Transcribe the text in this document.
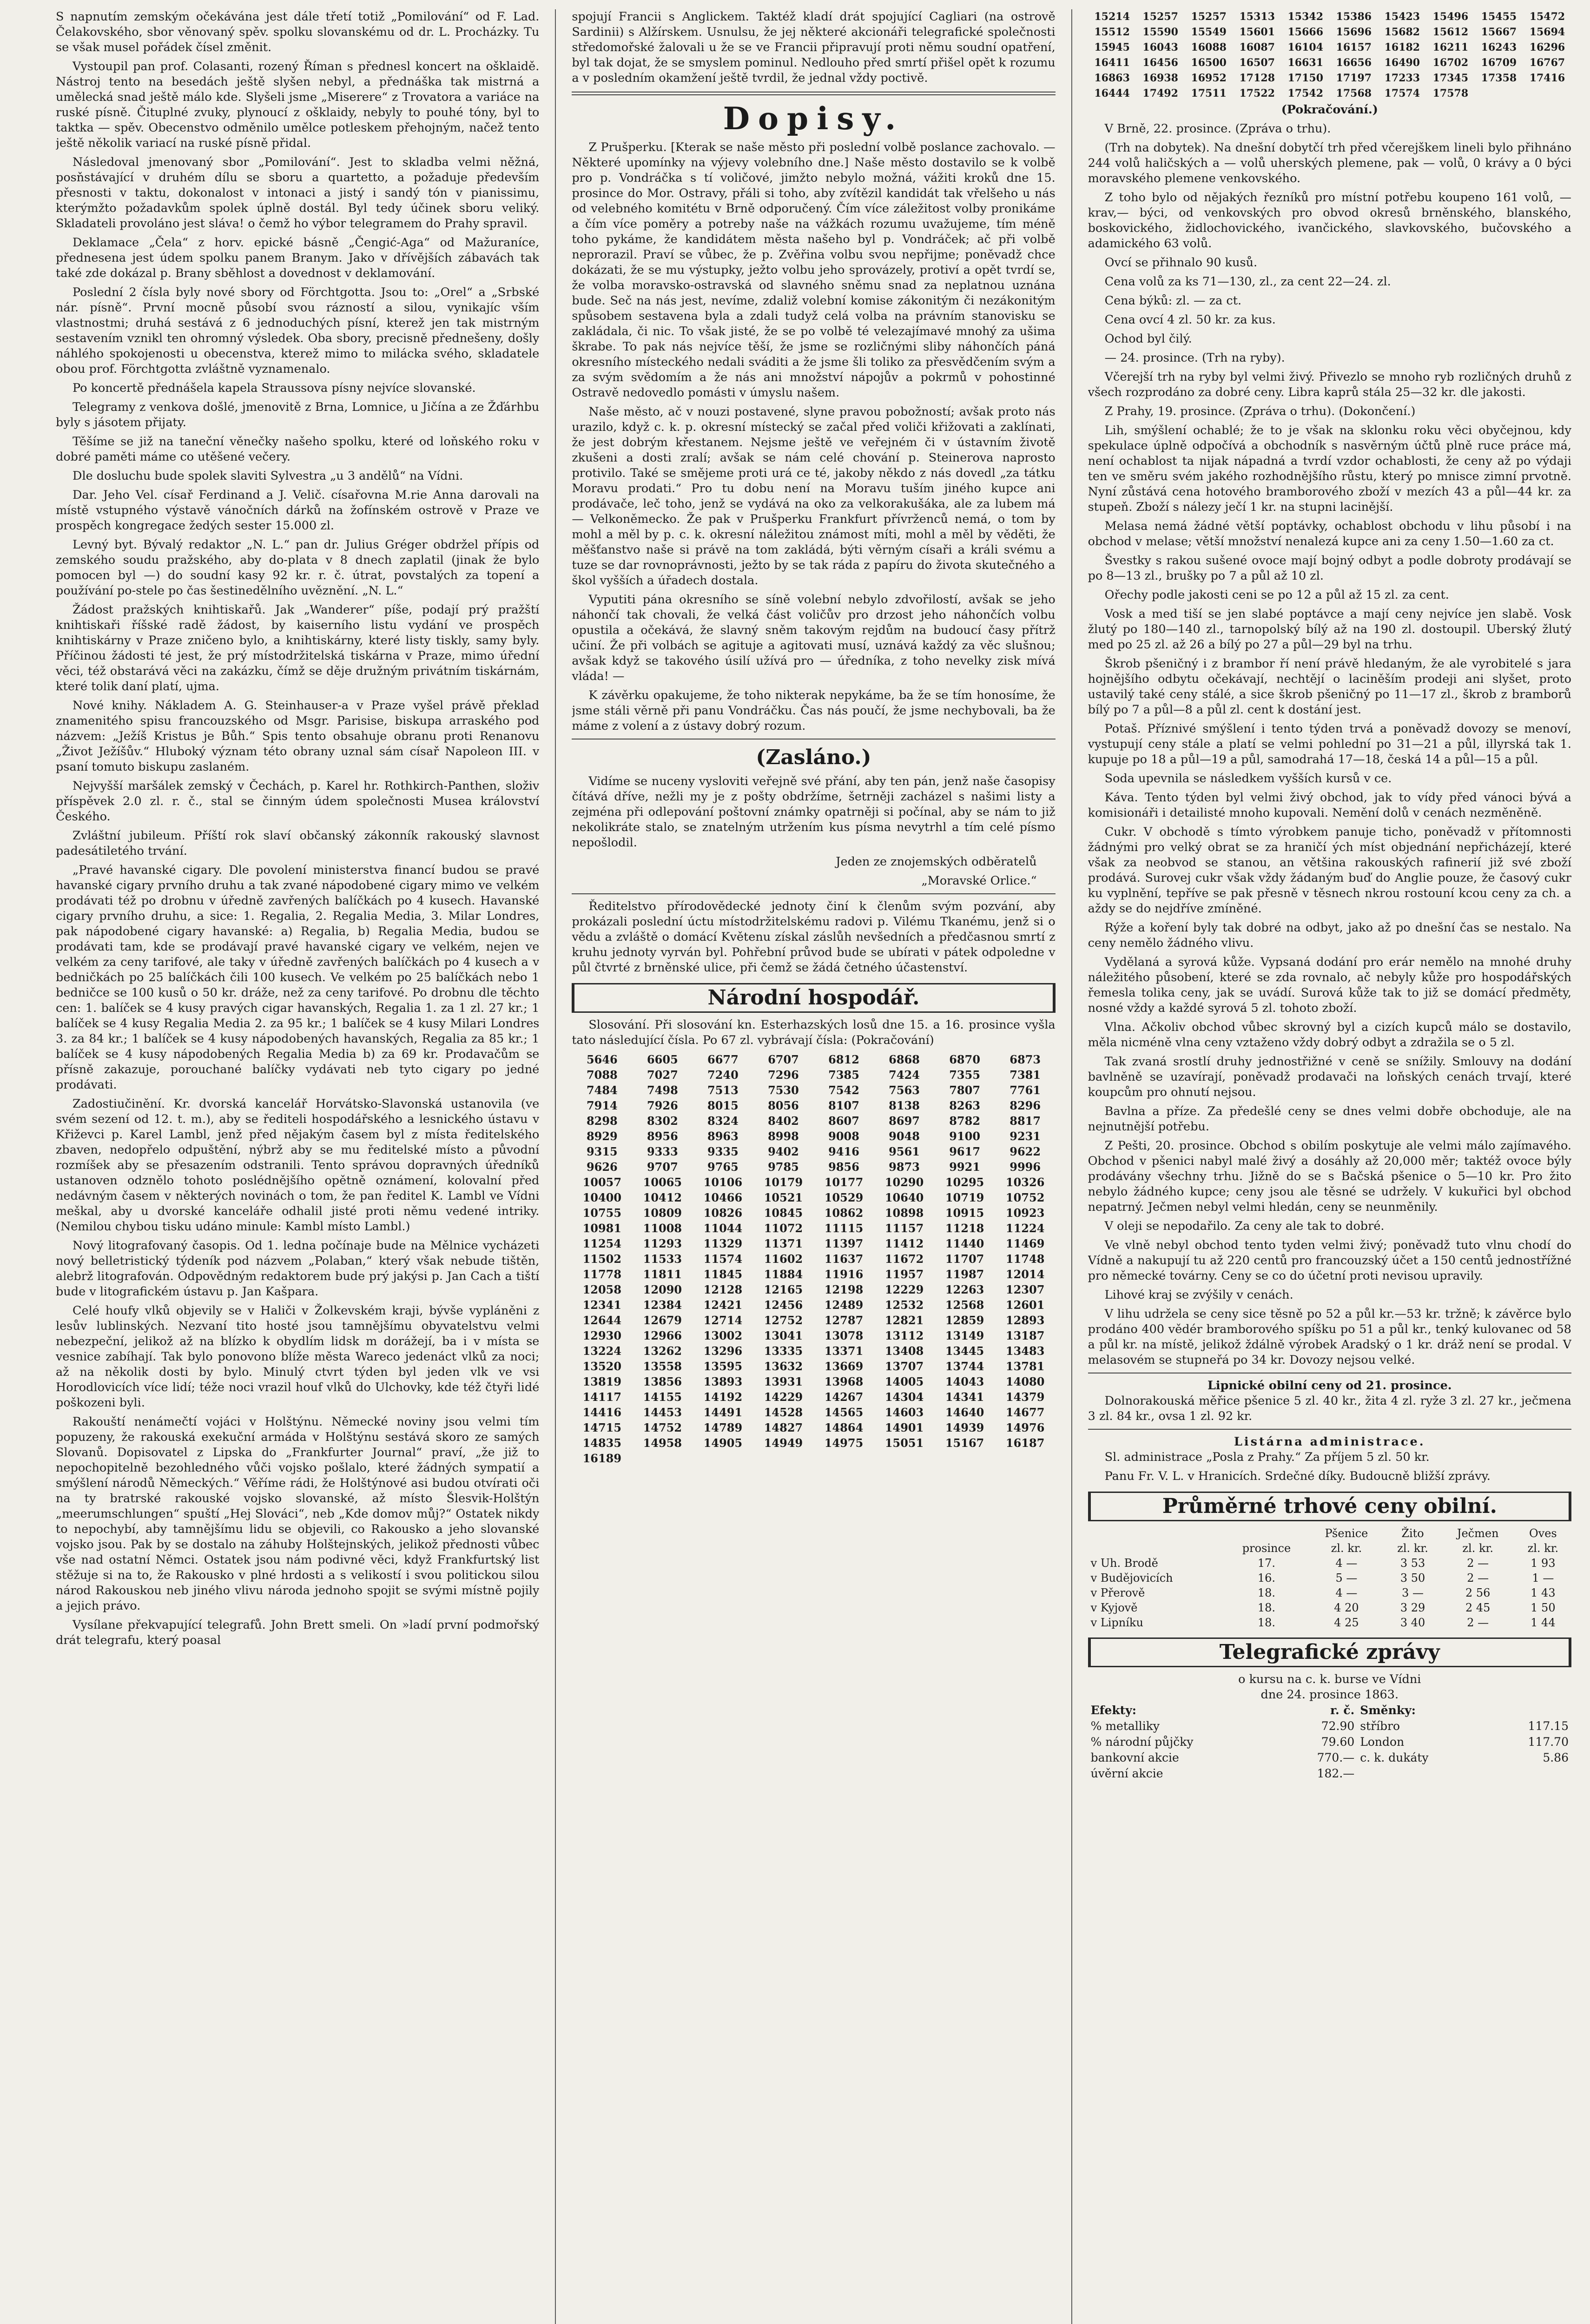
S napnutím zemským očekávána jest dále třetí totiž „Pomilování“ od F. Lad. Čelakovského, sbor věnovaný spěv. spolku slovanskému od dr. L. Procházky. Tu se však musel pořádek čísel změnit.

Vystoupil pan prof. Colasanti, rozený Říman s přednesl koncert na ošklaidě. Nástroj tento na besedách ještě slyšen nebyl, a přednáška tak mistrná a umělecká snad ještě málo kde. Slyšeli jsme „Miserere“ z Trovatora a variáce na ruské písně. Čituplné zvuky, plynoucí z ošklaidy, nebyly to pouhé tóny, byl to taktka — spěv. Obecenstvo odměnilo umělce potleskem přehojným, načež tento ještě několik variací na ruské písně přidal.

Následoval jmenovaný sbor „Pomilování“. Jest to skladba velmi něžná, posňstávající v druhém dílu se sboru a quartetto, a požaduje především přesnosti v taktu, dokonalost v intonaci a jistý i sandý tón v pianissimu, kterýmžto požadavkům spolek úplně dostál. Byl tedy účinek sboru veliký. Skladateli provoláno jest sláva! o čemž ho výbor telegramem do Prahy spravil.

Deklamace „Čela“ z horv. epické básně „Čengić-Aga“ od Mažuraníce, přednesena jest údem spolku panem Branym. Jako v dřívějších zábavách tak také zde dokázal p. Brany sběhlost a dovednost v deklamování.

Poslední 2 čísla byly nové sbory od Förchtgotta. Jsou to: „Orel“ a „Srbské nár. písně“. První mocně působí svou rázností a silou, vynikajíc vším vlastnostmi; druhá sestává z 6 jednoduchých písní, kterež jen tak mistrným sestavením vznikl ten ohromný výsledek. Oba sbory, precisně přednešeny, došly náhlého spokojenosti u obecenstva, kterež mimo to milácka svého, skladatele obou prof. Förchtgotta zvláštně vyznamenalo.

Po koncertě přednášela kapela Straussova písny nejvíce slovanské.

Telegramy z venkova došlé, jmenovitě z Brna, Lomnice, u Jičína a ze Žďárhbu byly s jásotem přijaty.

Těšíme se již na taneční věnečky našeho spolku, které od loňského roku v dobré paměti máme co utěšené večery.

Dle dosluchu bude spolek slaviti Sylvestra „u 3 andělů“ na Vídni.

Dar. Jeho Vel. císař Ferdinand a J. Velič. císařovna M.rie Anna darovali na místě vstupného výstavě vánočních dárků na žofínském ostrově v Praze ve prospěch kongregace žedých sester 15.000 zl.

Levný byt. Bývalý redaktor „N. L.“ pan dr. Julius Gréger obdržel přípis od zemského soudu pražského, aby do-plata v 8 dnech zaplatil (jinak že bylo pomocen byl —) do soudní kasy 92 kr. r. č. útrat, povstalých za topení a používání po-stele po čas šestinedělního uvěznění. „N. L.“

Žádost pražských knihtiskařů. Jak „Wanderer“ píše, podají prý pražští knihtiskaři říšské radě žádost, by kaiserního listu vydání ve prospěch knihtiskárny v Praze zničeno bylo, a knihtiskárny, které listy tiskly, samy byly. Příčinou žádosti té jest, že prý místodržitelská tiskárna v Praze, mimo úřední věci, též obstarává věci na zakázku, čímž se děje družným privátním tiskárnám, které tolik daní platí, ujma.

Nové knihy. Nákladem A. G. Steinhauser-a v Praze vyšel právě překlad znamenitého spisu francouzského od Msgr. Parisise, biskupa arraského pod názvem: „Ježíš Kristus je Bůh.“ Spis tento obsahuje obranu proti Renanovu „Život Ježíšův.“ Hluboký význam této obrany uznal sám císař Napoleon III. v psaní tomuto biskupu zaslaném.

Nejvyšší maršálek zemský v Čechách, p. Karel hr. Rothkirch-Panthen, složiv příspěvek 2.0 zl. r. č., stal se činným údem společnosti Musea království Českého.

Zvláštní jubileum. Příští rok slaví občanský zákonník rakouský slavnost padesátiletého trvání.

„Pravé havanské cigary. Dle povolení ministerstva financí budou se pravé havanské cigary prvního druhu a tak zvané nápodobené cigary mimo ve velkém prodávati též po drobnu v úředně zavřených balíčkách po 4 kusech. Havanské cigary prvního druhu, a sice: 1. Regalia, 2. Regalia Media, 3. Milar Londres, pak nápodobené cigary havanské: a) Regalia, b) Regalia Media, budou se prodávati tam, kde se prodávají pravé havanské cigary ve velkém, nejen ve velkém za ceny tarifové, ale taky v úředně zavřených balíčkách po 4 kusech a v bedničkách po 25 balíčkách čili 100 kusech. Ve velkém po 25 balíčkách nebo 1 bedničce se 100 kusů o 50 kr. dráže, než za ceny tarifové. Po drobnu dle těchto cen: 1. balíček se 4 kusy pravých cigar havanských, Regalia 1. za 1 zl. 27 kr.; 1 balíček se 4 kusy Regalia Media 2. za 95 kr.; 1 balíček se 4 kusy Milari Londres 3. za 84 kr.; 1 balíček se 4 kusy nápodobených havanských, Regalia za 85 kr.; 1 balíček se 4 kusy nápodobených Regalia Media b) za 69 kr. Prodavačům se přísně zakazuje, porouchané balíčky vydávati neb tyto cigary po jedné prodávati.

Zadostiučinění. Kr. dvorská kancelář Horvátsko-Slavonská ustanovila (ve svém sezení od 12. t. m.), aby se řediteli hospodářského a lesnického ústavu v Křiževci p. Karel Lambl, jenž před nějakým časem byl z místa ředitelského zbaven, nedopřelo odpuštění, nýbrž aby se mu ředitelské místo a původní rozmíšek aby se přesazením odstranili. Tento správou dopravných úředníků ustanoven odznělo tohoto poslédnějšího opětně oznámení, kolovalní před nedávným časem v některých novinách o tom, že pan ředitel K. Lambl ve Vídni meškal, aby u dvorské kanceláře odhalil jisté proti němu vedené intriky. (Nemilou chybou tisku udáno minule: Kambl místo Lambl.)

Nový litografovaný časopis. Od 1. ledna počínaje bude na Mělnice vycházeti nový belletristický týdeník pod názvem „Polaban,“ který však nebude tištěn, alebrž litografován. Odpovědným redaktorem bude prý jakýsi p. Jan Cach a tiští bude v litografickém ústavu p. Jan Kašpara.

Celé houfy vlků objevily se v Haliči v Žolkevském kraji, bývše vypláněni z lesův lublinských. Nezvaní tito hosté jsou tamnějšímu obyvatelstvu velmi nebezpeční, jelikož až na blízko k obydlím lidsk m dorážejí, ba i v místa se vesnice zabíhají. Tak bylo ponovono blíže města Wareco jedenáct vlků za noci; až na několik dosti by bylo. Minulý ctvrt týden byl jeden vlk ve vsi Horodlovicích více lidí; téže noci vrazil houf vlků do Ulchovky, kde též čtyři lidé poškozeni byli.

Rakouští nenámečtí vojáci v Holštýnu. Německé noviny jsou velmi tím popuzeny, že rakouská exekuční armáda v Holštýnu sestává skoro ze samých Slovanů. Dopisovatel z Lipska do „Frankfurter Journal“ praví, „že již to nepochopitelně bezohledného vůči vojsko pošlalo, které žádných sympatií a smýšlení národů Německých.“ Věříme rádi, že Holštýnové asi budou otvírati oči na ty bratrské rakouské vojsko slovanské, až místo Šlesvik-Holštýn „meerumschlungen“ spuští „Hej Slováci“, neb „Kde domov můj?“ Ostatek nikdy to nepochybí, aby tamnějšímu lidu se objevili, co Rakousko a jeho slovanské vojsko jsou. Pak by se dostalo na záhuby Holštejnských, jelikož přednosti vůbec vše nad ostatní Němci. Ostatek jsou nám podivné věci, když Frankfurtský list stěžuje si na to, že Rakousko v plné hrdosti a s velikostí i svou politickou silou národ Rakouskou neb jiného vlivu národa jednoho spojit se svými místně pojily a jejich právo.

Vysílane překvapující telegrafů. John Brett smeli. On »ladí první podmořský drát telegrafu, který poasal

spojují Francii s Anglickem. Taktéž kladí drát spojující Cagliari (na ostrově Sardinii) s Alžírskem. Usnulsu, že jej některé akcionáři telegrafické společnosti středomořské žalovali u že se ve Francii připravují proti němu soudní opatření, byl tak dojat, že se smyslem pominul. Nedlouho před smrtí přišel opět k rozumu a v posledním okamžení ještě tvrdil, že jednal vždy poctivě.

Dopisy.

Z Prušperku. [Kterak se naše město při poslední volbě poslance zachovalo. — Některé upomínky na výjevy volebního dne.] Naše město dostavilo se k volbě pro p. Vondráčka s tí voličové, jimžto nebylo možná, vážiti kroků dne 15. prosince do Mor. Ostravy, přáli si toho, aby zvítězil kandidát tak vřelšeho u nás od velebného komitétu v Brně odporučený. Čím více záležitost volby pronikáme a čím více poměry a potreby naše na vážkách rozumu uvažujeme, tím méně toho pykáme, že kandidátem města našeho byl p. Vondráček; ač při volbě neprorazil. Praví se vůbec, že p. Zvěřina volbu svou nepřijme; poněvadž chce dokázati, že se mu výstupky, ježto volbu jeho sprovázely, protiví a opět tvrdí se, že volba moravsko-ostravská od slavného sněmu snad za neplatnou uznána bude. Seč na nás jest, nevíme, zdaliž volební komise zákonitým či nezákonitým spůsobem sestavena byla a zdali tudyž celá volba na právním stanovisku se zakládala, či nic. To však jisté, že se po volbě té velezajímavé mnohý za ušima škrabe. To pak nás nejvíce těší, že jsme se rozličnými sliby náhončích páná okresního místeckého nedali sváditi a že jsme šli toliko za přesvědčením svým a za svým svědomím a že nás ani množství nápojův a pokrmů v pohostinné Ostravě nedovedlo pomásti v úmyslu našem.

Naše město, ač v nouzi postavené, slyne pravou pobožností; avšak proto nás urazilo, když c. k. p. okresní místecký se začal před voliči křižovati a zaklínati, že jest dobrým křestanem. Nejsme ještě ve veřejném či v ústavním životě zkušeni a dosti zralí; avšak se nám celé chování p. Steinerova naprosto protivilo. Také se smějeme proti urá ce té, jakoby někdo z nás dovedl „za tátku Moravu prodati.“ Pro tu dobu není na Moravu tuším jiného kupce ani prodávače, leč toho, jenž se vydává na oko za velkorakušáka, ale za lubem má — Velkoněmecko. Že pak v Prušperku Frankfurt přívrženců nemá, o tom by mohl a měl by p. c. k. okresní náležitou známost míti, mohl a měl by věděti, že měšťanstvo naše si právě na tom zakládá, býti věrným císaři a králi svému a tuze se dar rovnoprávnosti, ježto by se tak ráda z papíru do života skutečného a škol vyšších a úřadech dostala.

Vyputiti pána okresního se síně volební nebylo zdvořilostí, avšak se jeho náhončí tak chovali, že velká část voličův pro drzost jeho náhončích volbu opustila a očekává, že slavný sněm takovým rejdům na budoucí časy přítrž učiní. Že při volbách se agituje a agitovati musí, uznává každý za věc slušnou; avšak když se takového úsilí užívá pro — úředníka, z toho nevelky zisk mívá vláda! —

K závěrku opakujeme, že toho nikterak nepykáme, ba že se tím honosíme, že jsme stáli věrně při panu Vondráčku. Čas nás poučí, že jsme nechybovali, ba že máme z volení a z ústavy dobrý rozum.

(Zasláno.)

Vidíme se nuceny vysloviti veřejně své přání, aby ten pán, jenž naše časopisy čítává dříve, nežli my je z pošty obdržíme, šetrněji zacházel s našimi listy a zejména při odlepování poštovní známky opatrněji si počínal, aby se nám to již nekolikráte stalo, se znatelným utržením kus písma nevytrhl a tím celé písmo nepošlodil.

Jeden ze znojemských odběratelů
„Moravské Orlice.“

Ředitelstvo přírodovědecké jednoty činí k členům svým pozvání, aby prokázali poslední úctu místodržitelskému radovi p. Vilému Tkanému, jenž si o vědu a zvláště o domácí Květenu získal záslůh nevšedních a předčasnou smrtí z kruhu jednoty vyrván byl. Pohřební průvod bude se ubírati v pátek odpoledne v půl čtvrté z brněnské ulice, při čemž se žádá četného účastenství.

Národní hospodář.

Slosování. Při slosování kn. Esterhazských losů dne 15. a 16. prosince vyšla tato následující čísla. Po 67 zl. vybrávají čísla: (Pokračování)

5646	6605	6677	6707	6812	6868	6870	6873
7088	7027	7240	7296	7385	7424	7355	7381
7484	7498	7513	7530	7542	7563	7807	7761
7914	7926	8015	8056	8107	8138	8263	8296
8298	8302	8324	8402	8607	8697	8782	8817
8929	8956	8963	8998	9008	9048	9100	9231
9315	9333	9335	9402	9416	9561	9617	9622
9626	9707	9765	9785	9856	9873	9921	9996
10057	10065	10106	10179	10177	10290	10295	10326
10400	10412	10466	10521	10529	10640	10719	10752
10755	10809	10826	10845	10862	10898	10915	10923
10981	11008	11044	11072	11115	11157	11218	11224
11254	11293	11329	11371	11397	11412	11440	11469
11502	11533	11574	11602	11637	11672	11707	11748
11778	11811	11845	11884	11916	11957	11987	12014
12058	12090	12128	12165	12198	12229	12263	12307
12341	12384	12421	12456	12489	12532	12568	12601
12644	12679	12714	12752	12787	12821	12859	12893
12930	12966	13002	13041	13078	13112	13149	13187
13224	13262	13296	13335	13371	13408	13445	13483
13520	13558	13595	13632	13669	13707	13744	13781
13819	13856	13893	13931	13968	14005	14043	14080
14117	14155	14192	14229	14267	14304	14341	14379
14416	14453	14491	14528	14565	14603	14640	14677
14715	14752	14789	14827	14864	14901	14939	14976
14835	14958	14905	14949	14975	15051	15167	16187
16189
15214	15257	15257	15313	15342	15386	15423	15496	15455	15472
15512	15590	15549	15601	15666	15696	15682	15612	15667	15694
15945	16043	16088	16087	16104	16157	16182	16211	16243	16296
16411	16456	16500	16507	16631	16656	16490	16702	16709	16767
16863	16938	16952	17128	17150	17197	17233	17345	17358	17416
16444	17492	17511	17522	17542	17568	17574	17578
(Pokračování.)

V Brně, 22. prosince. (Zpráva o trhu).

(Trh na dobytek). Na dnešní dobytčí trh před včerejškem lineli bylo přihnáno 244 volů haličských a — volů uherských plemene, pak — volů, 0 krávy a 0 býci moravského plemene venkovského.

Z toho bylo od nějakých řezníků pro místní potřebu koupeno 161 volů, — krav,— býci, od venkovských pro obvod okresů brněnského, blanského, boskovického, židlochovického, ivančického, slavkovského, bučovského a adamického 63 volů.

Ovcí se přihnalo 90 kusů.

Cena volů za ks 71—130, zl., za cent 22—24. zl.

Cena býků: zl. — za ct.

Cena ovcí 4 zl. 50 kr. za kus.

Ochod byl čilý.

— 24. prosince. (Trh na ryby).

Včerejší trh na ryby byl velmi živý. Přivezlo se mnoho ryb rozličných druhů z všech rozprodáno za dobré ceny. Libra kaprů stála 25—32 kr. dle jakosti.

Z Prahy, 19. prosince. (Zpráva o trhu). (Dokončení.)

Lih, smýšlení ochablé; že to je však na sklonku roku věci obyčejnou, kdy spekulace úplně odpočívá a obchodník s nasvěrným účtů plně ruce práce má, není ochablost ta nijak nápadná a tvrdí vzdor ochablosti, že ceny až po výdaji ten ve směru svém jakého rozhodnějšího růstu, který po mnisce zimní prvotně. Nyní zůstává cena hotového bramborového zboží v mezích 43 a půl—44 kr. za stupeň. Zboží s nálezy ječí 1 kr. na stupni lacinější.

Melasa nemá žádné větší poptávky, ochablost obchodu v lihu působí i na obchod v melase; větší množství nenalezá kupce ani za ceny 1.50—1.60 za ct.

Švestky s rakou sušené ovoce mají bojný odbyt a podle dobroty prodávají se po 8—13 zl., brušky po 7 a půl až 10 zl.

Ořechy podle jakosti ceni se po 12 a půl až 15 zl. za cent.

Vosk a med tiší se jen slabé poptávce a mají ceny nejvíce jen slabě. Vosk žlutý po 180—140 zl., tarnopolský bílý až na 190 zl. dostoupil. Uberský žlutý med po 25 zl. až 26 a bílý po 27 a půl—29 byl na trhu.

Škrob pšeničný i z brambor ří není právě hledaným, že ale vyrobitelé s jara hojnějšího odbytu očekávají, nechtějí o laciněším prodeji ani slyšet, proto ustavilý také ceny stálé, a sice škrob pšeničný po 11—17 zl., škrob z bramborů bílý po 7 a půl—8 a půl zl. cent k dostání jest.

Potaš. Příznivé smýšlení i tento týden trvá a poněvadž dovozy se menoví, vystupují ceny stále a platí se velmi pohlední po 31—21 a půl, illyrská tak 1. kupuje po 18 a půl—19 a půl, samodrahá 17—18, česká 14 a půl—15 a půl.

Soda upevnila se následkem vyšších kursů v ce.

Káva. Tento týden byl velmi živý obchod, jak to vídy před vánoci bývá a komisionáři i detailisté mnoho kupovali. Nemění dolů v cenách nezměněně.

Cukr. V obchodě s tímto výrobkem panuje ticho, poněvadž v přítomnosti žádnými pro velký obrat se za hraničí ých míst objednání nepřicházejí, které však za neobvod se stanou, an většina rakouských rafinerií již své zboží prodává. Surovej cukr však vždy žádaným buď do Anglie pouze, že časový cukr ku vyplnění, tepříve se pak přesně v těsnech nkrou rostouní kcou ceny za ch. a aždy se do nejdříve zmíněné.

Rýže a koření byly tak dobré na odbyt, jako až po dnešní čas se nestalo. Na ceny nemělo žádného vlivu.

Vydělaná a syrová kůže. Vypsaná dodání pro erár nemělo na mnohé druhy náležitého působení, které se zda rovnalo, ač nebyly kůže pro hospodářských řemesla tolika ceny, jak se uvádí. Surová kůže tak to již se domácí předměty, nosné vždy a každé syrová 5 zl. tohoto zboží.

Vlna. Ačkoliv obchod vůbec skrovný byl a cizích kupců málo se dostavilo, měla nicméně vlna ceny vztaženo vždy dobrý odbyt a zdražila se o 5 zl.

Tak zvaná srostlí druhy jednostřižné v ceně se snížily. Smlouvy na dodání bavlněně se uzavírají, poněvadž prodavači na loňských cenách trvají, které koupcům pro ohnutí nejsou.

Bavlna a příze. Za předešlé ceny se dnes velmi dobře obchoduje, ale na nejnutnější potřebu.

Z Pešti, 20. prosince. Obchod s obilím poskytuje ale velmi málo zajímavého. Obchod v pšenici nabyl malé živý a dosáhly až 20,000 měr; taktéž ovoce býly prodávány všechny trhu. Jižně do se s Bačská pšenice o 5—10 kr. Pro žito nebylo žádného kupce; ceny jsou ale těsné se udržely. V kukuřici byl obchod nepatrný. Ječmen nebyl velmi hledán, ceny se neunměnily.

V oleji se nepodařilo. Za ceny ale tak to dobré.

Ve vlně nebyl obchod tento tyden velmi živý; poněvadž tuto vlnu chodí do Vídně a nakupují tu až 220 centů pro francouzský účet a 150 centů jednostřížné pro německé továrny. Ceny se co do účetní proti nevisou upravily.

Lihové kraj se zvýšily v cenách.

V lihu udržela se ceny sice těsně po 52 a půl kr.—53 kr. tržně; k závěrce bylo prodáno 400 vědér bramborového spíšku po 51 a půl kr., tenký kulovanec od 58 a půl kr. na místě, jelikož ždálně výrobek Aradský o 1 kr. dráž není se prodal. V melasovém se stupneřá po 34 kr. Dovozy nejsou velké.

Lipnické obilní ceny od 21. prosince.

Dolnorakouská měřice pšenice 5 zl. 40 kr., žita 4 zl. ryže 3 zl. 27 kr., ječmena 3 zl. 84 kr., ovsa 1 zl. 92 kr.

Listárna administrace.

Sl. administrace „Posla z Prahy.“ Za příjem 5 zl. 50 kr.

Panu Fr. V. L. v Hranicích. Srdečné díky. Budoucně bližší zprávy.

Průměrné trhové ceny obilní.
		Pšenice	Žito	Ječmen	Oves
	prosince	zl. kr.	zl. kr.	zl. kr.	zl. kr.
v Uh. Brodě	17.	4 —	3 53	2 —	1 93
v Budějovicích	16.	5 —	3 50	2 —	1 —
v Přerově	18.	4 —	3 —	2 56	1 43
v Kyjově	18.	4 20	3 29	2 45	1 50
v Lipníku	18.	4 25	3 40	2 —	1 44
Telegrafické zprávy
o kursu na c. k. burse ve Vídni
dne 24. prosince 1863.
Efekty:	r. č.	Směnky:	
% metalliky	72.90	stříbro	117.15
% národní půjčky	79.60	London	117.70
bankovní akcie	770.—	c. k. dukáty	5.86
úvěrní akcie	182.—		
